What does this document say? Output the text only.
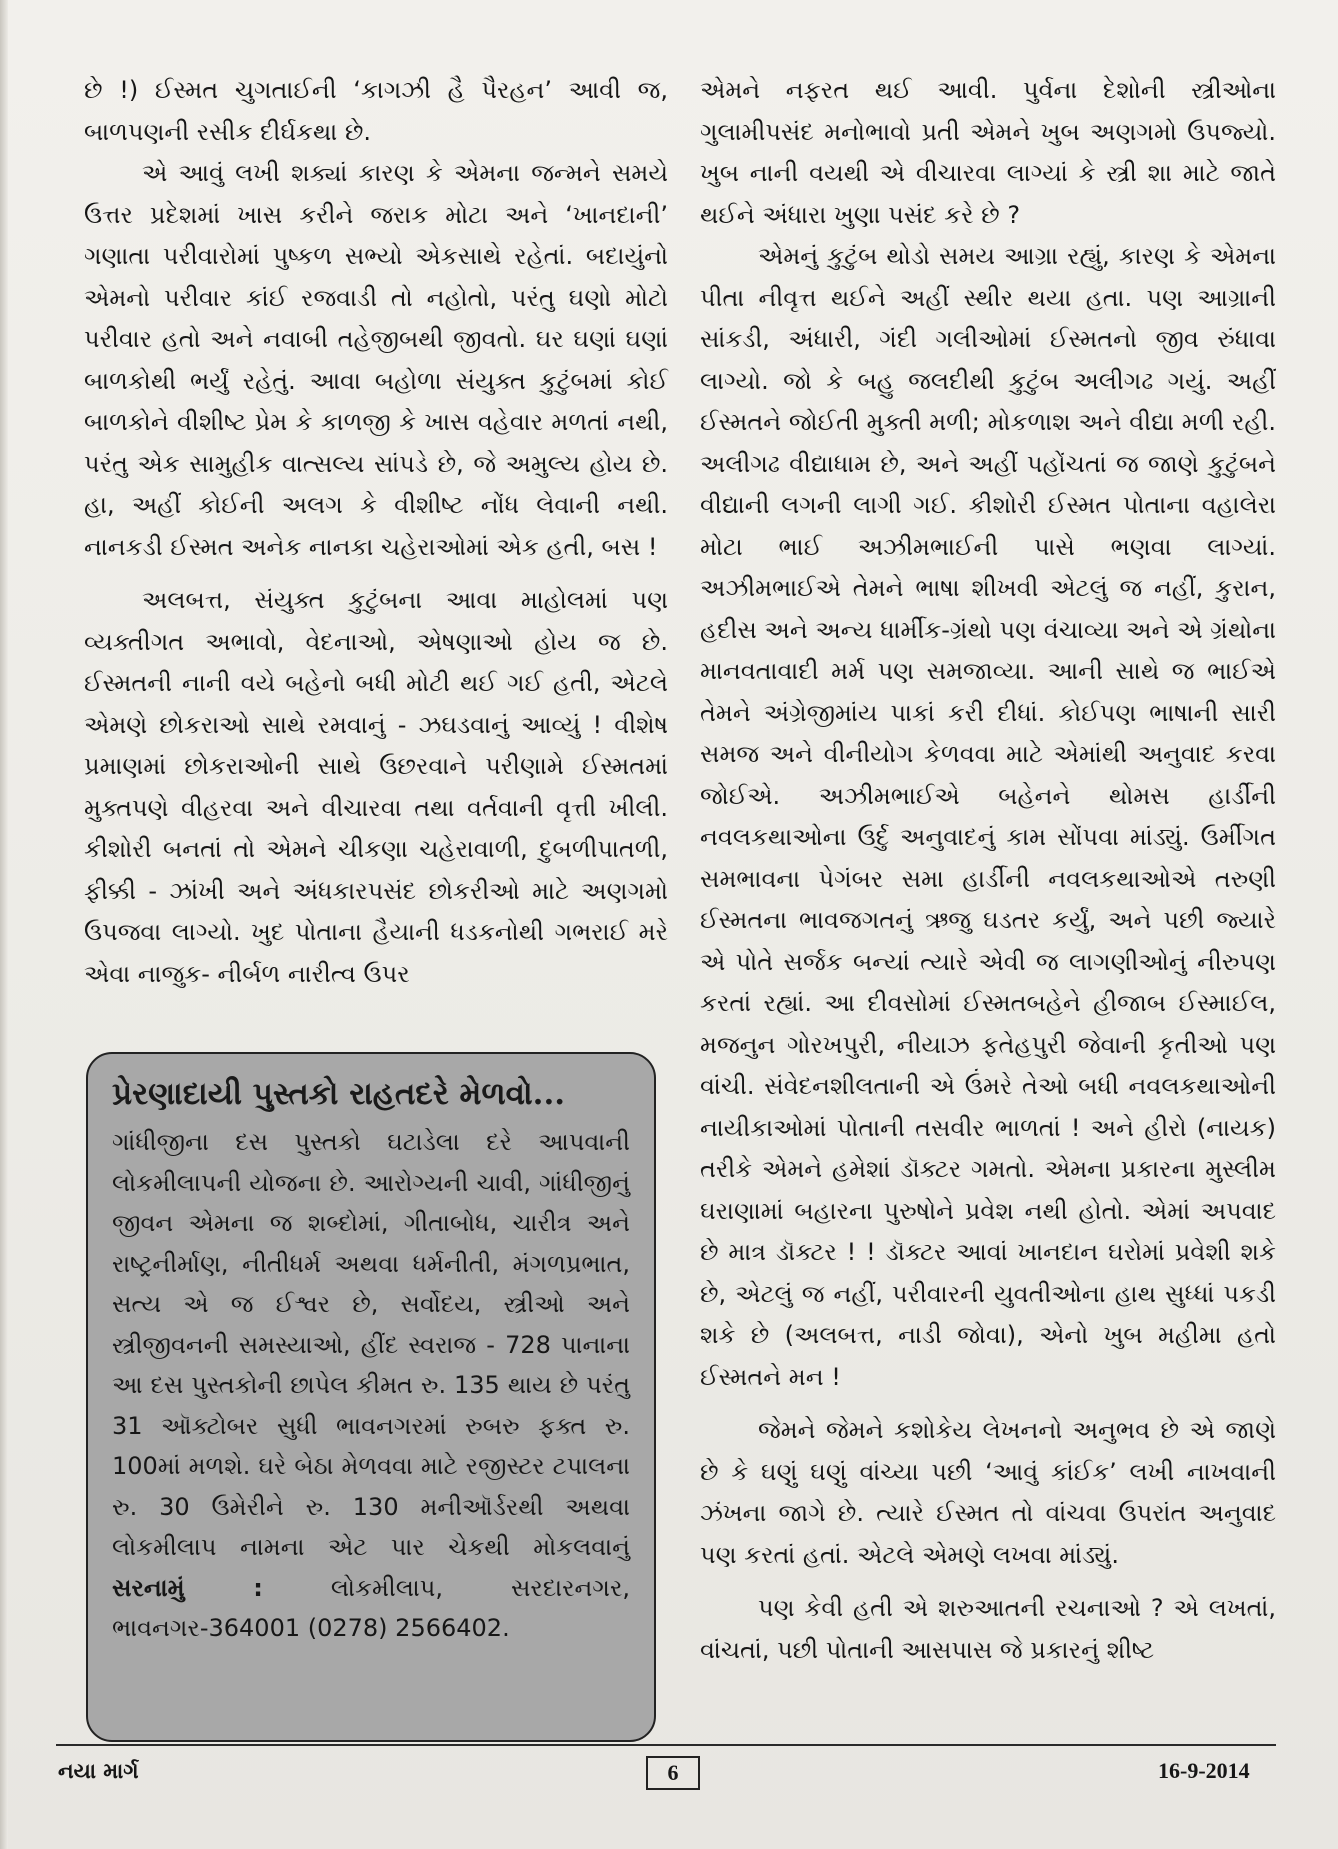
છે !) ઈસ્મત ચુગતાઈની ‘કાગઝી હૈ પૈરહન’ આવી જ, બાળપણની રસીક દીર્ઘકથા છે.

એ આવું લખી શક્યાં કારણ કે એમના જન્મને સમયે ઉત્તર પ્રદેશમાં ખાસ કરીને જરાક મોટા અને ‘ખાનદાની’ ગણાતા પરીવારોમાં પુષ્કળ સભ્યો એકસાથે રહેતાં. બદાયુંનો એમનો પરીવાર કાંઈ રજવાડી તો નહોતો, પરંતુ ઘણો મોટો પરીવાર હતો અને નવાબી તહેજીબથી જીવતો. ઘર ઘણાં ઘણાં બાળકોથી ભર્યું રહેતું. આવા બહોળા સંયુક્ત કુટુંબમાં કોઈ બાળકોને વીશીષ્ટ પ્રેમ કે કાળજી કે ખાસ વહેવાર મળતાં નથી, પરંતુ એક સામુહીક વાત્સલ્ય સાંપડે છે, જે અમુલ્ય હોય છે. હા, અહીં કોઈની અલગ કે વીશીષ્ટ નોંધ લેવાની નથી. નાનકડી ઈસ્મત અનેક નાનકા ચહેરાઓમાં એક હતી, બસ !

અલબત્ત, સંયુક્ત કુટુંબના આવા માહોલમાં પણ વ્યક્તીગત અભાવો, વેદનાઓ, એષણાઓ હોય જ છે. ઈસ્મતની નાની વયે બહેનો બધી મોટી થઈ ગઈ હતી, એટલે એમણે છોકરાઓ સાથે રમવાનું - ઝઘડવાનું આવ્યું ! વીશેષ પ્રમાણમાં છોકરાઓની સાથે ઉછરવાને પરીણામે ઈસ્મતમાં મુક્તપણે વીહરવા અને વીચારવા તથા વર્તવાની વૃત્તી ખીલી. કીશોરી બનતાં તો એમને ચીકણા ચહેરાવાળી, દુબળીપાતળી, ફીક્કી - ઝાંખી અને અંધકારપસંદ છોકરીઓ માટે અણગમો ઉપજવા લાગ્યો. ખુદ પોતાના હૈયાની ધડકનોથી ગભરાઈ મરે એવા નાજુક- નીર્બળ નારીત્વ ઉપર

પ્રેરણાદાયી પુસ્તકો રાહતદરે મેળવો...

ગાંધીજીના દસ પુસ્તકો ઘટાડેલા દરે આપવાની લોકમીલાપની યોજના છે. આરોગ્યની ચાવી, ગાંધીજીનું જીવન એમના જ શબ્દોમાં, ગીતાબોધ, ચારીત્ર અને રાષ્ટ્રનીર્માણ, નીતીધર્મ અથવા ધર્મનીતી, મંગળપ્રભાત, સત્ય એ જ ઈશ્વર છે, સર્વોદય, સ્ત્રીઓ અને સ્ત્રીજીવનની સમસ્યાઓ, હીંદ સ્વરાજ - 728 પાનાના આ દસ પુસ્તકોની છાપેલ કીમત રુ. 135 થાય છે પરંતુ 31 ઑક્ટોબર સુધી ભાવનગરમાં રુબરુ ફક્ત રુ. 100માં મળશે. ઘરે બેઠા મેળવવા માટે રજીસ્ટર ટપાલના રુ. 30 ઉમેરીને રુ. 130 મનીઑર્ડરથી અથવા લોકમીલાપ નામના એટ પાર ચેકથી મોકલવાનું સરનામું :	લોકમીલાપ, સરદારનગર, ભાવનગર-364001 (0278) 2566402.

એમને નફરત થઈ આવી. પુર્વના દેશોની સ્ત્રીઓના ગુલામીપસંદ મનોભાવો પ્રતી એમને ખુબ અણગમો ઉપજ્યો. ખુબ નાની વયથી એ વીચારવા લાગ્યાં કે સ્ત્રી શા માટે જાતે થઈને અંધારા ખુણા પસંદ કરે છે ?

એમનું કુટુંબ થોડો સમય આગ્રા રહ્યું, કારણ કે એમના પીતા નીવૃત્ત થઈને અહીં સ્થીર થયા હતા. પણ આગ્રાની સાંકડી, અંધારી, ગંદી ગલીઓમાં ઈસ્મતનો જીવ રુંધાવા લાગ્યો. જો કે બહુ જલદીથી કુટુંબ અલીગઢ ગયું. અહીં ઈસ્મતને જોઈતી મુક્તી મળી; મોકળાશ અને વીદ્યા મળી રહી. અલીગઢ વીદ્યાધામ છે, અને અહીં પહોંચતાં જ જાણે કુટુંબને વીદ્યાની લગની લાગી ગઈ. કીશોરી ઈસ્મત પોતાના વહાલેરા મોટા ભાઈ અઝીમભાઈની પાસે ભણવા લાગ્યાં. અઝીમભાઈએ તેમને ભાષા શીખવી એટલું જ નહીં, કુરાન, હદીસ અને અન્ય ધાર્મીક-ગ્રંથો પણ વંચાવ્યા અને એ ગ્રંથોના માનવતાવાદી મર્મ પણ સમજાવ્યા. આની સાથે જ ભાઈએ તેમને અંગ્રેજીમાંય પાકાં કરી દીધાં. કોઈપણ ભાષાની સારી સમજ અને વીનીયોગ કેળવવા માટે એમાંથી અનુવાદ કરવા જોઈએ. અઝીમભાઈએ બહેનને થોમસ હાર્ડીની નવલકથાઓના ઉર્દુ અનુવાદનું કામ સોંપવા માંડ્યું. ઉર્મીગત સમભાવના પેગંબર સમા હાર્ડીની નવલકથાઓએ તરુણી ઈસ્મતના ભાવજગતનું ઋજુ ઘડતર કર્યું, અને પછી જ્યારે એ પોતે સર્જક બન્યાં ત્યારે એવી જ લાગણીઓનું નીરુપણ કરતાં રહ્યાં. આ દીવસોમાં ઈસ્મતબહેને હીજાબ ઈસ્માઈલ, મજનુન ગોરખપુરી, નીયાઝ ફતેહપુરી જેવાની કૃતીઓ પણ વાંચી. સંવેદનશીલતાની એ ઉંમરે તેઓ બધી નવલકથાઓની નાયીકાઓમાં પોતાની તસવીર ભાળતાં ! અને હીરો (નાયક) તરીકે એમને હમેશાં ડૉક્ટર ગમતો. એમના પ્રકારના મુસ્લીમ ઘરાણામાં બહારના પુરુષોને પ્રવેશ નથી હોતો. એમાં અપવાદ છે માત્ર ડૉક્ટર ! ! ડૉક્ટર આવાં ખાનદાન ઘરોમાં પ્રવેશી શકે છે, એટલું જ નહીં, પરીવારની યુવતીઓના હાથ સુધ્ધાં પકડી શકે છે (અલબત્ત, નાડી જોવા), એનો ખુબ મહીમા હતો ઈસ્મતને મન !

જેમને જેમને કશોકેય લેખનનો અનુભવ છે એ જાણે છે કે ઘણું ઘણું વાંચ્યા પછી ‘આવું કાંઈક’ લખી નાખવાની ઝંખના જાગે છે. ત્યારે ઈસ્મત તો વાંચવા ઉપરાંત અનુવાદ પણ કરતાં હતાં. એટલે એમણે લખવા માંડ્યું.

પણ કેવી હતી એ શરુઆતની રચનાઓ ? એ લખતાં, વાંચતાં, પછી પોતાની આસપાસ જે પ્રકારનું શીષ્ટ

નયા માર્ગ	6	16-9-2014
